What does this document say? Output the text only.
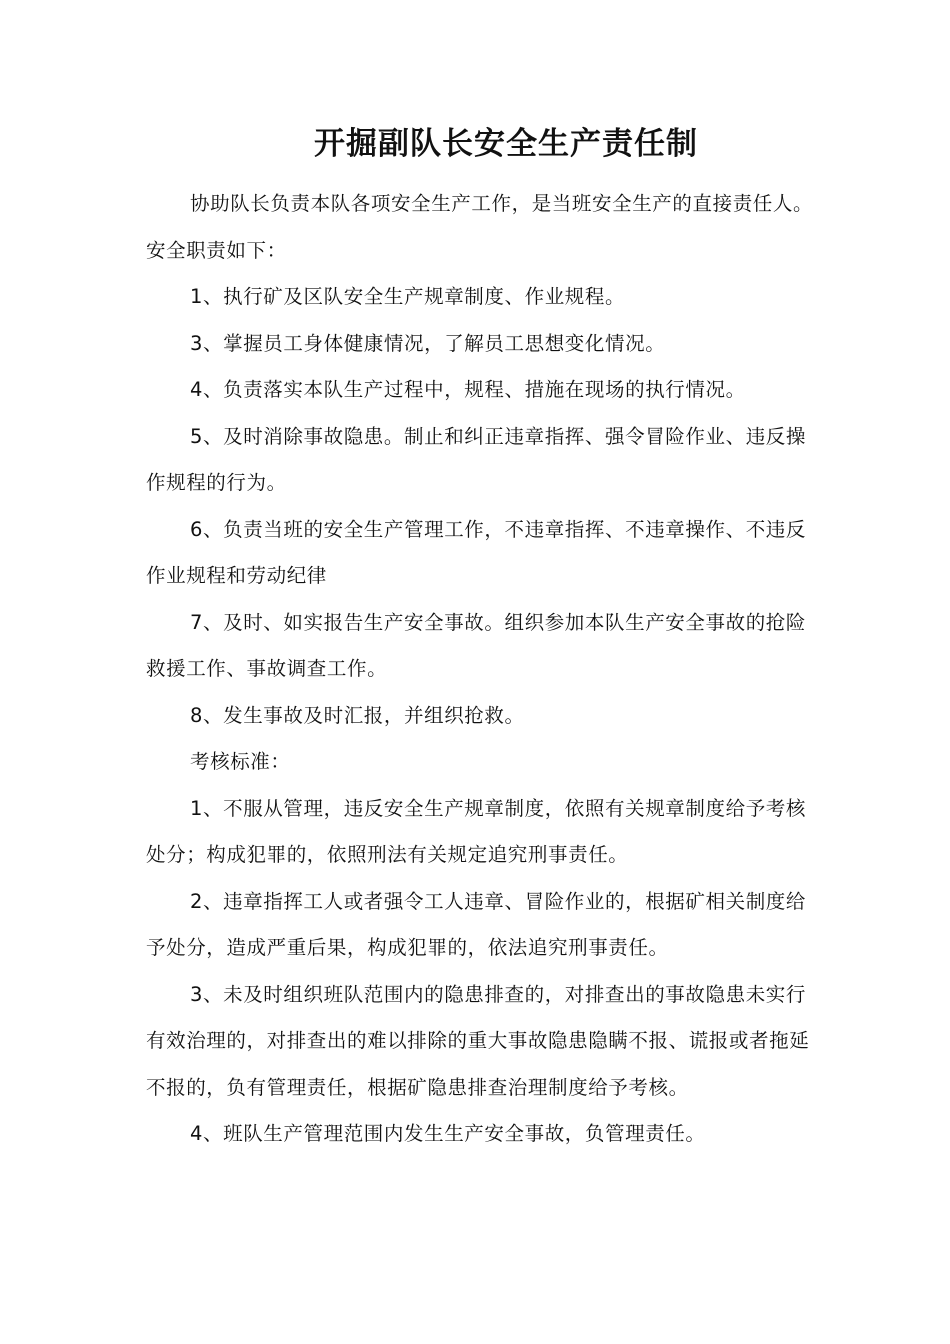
开掘副队长安全生产责任制

协助队长负责本队各项安全生产工作，是当班安全生产的直接责任人。安全职责如下：

1、执行矿及区队安全生产规章制度、作业规程。

3、掌握员工身体健康情况，了解员工思想变化情况。

4、负责落实本队生产过程中，规程、措施在现场的执行情况。

5、及时消除事故隐患。制止和纠正违章指挥、强令冒险作业、违反操作规程的行为。

6、负责当班的安全生产管理工作，不违章指挥、不违章操作、不违反作业规程和劳动纪律

7、及时、如实报告生产安全事故。组织参加本队生产安全事故的抢险救援工作、事故调查工作。

8、发生事故及时汇报，并组织抢救。

考核标准：

1、不服从管理，违反安全生产规章制度，依照有关规章制度给予考核处分；构成犯罪的，依照刑法有关规定追究刑事责任。

2、违章指挥工人或者强令工人违章、冒险作业的，根据矿相关制度给予处分，造成严重后果，构成犯罪的，依法追究刑事责任。

3、未及时组织班队范围内的隐患排查的，对排查出的事故隐患未实行有效治理的，对排查出的难以排除的重大事故隐患隐瞒不报、谎报或者拖延不报的，负有管理责任，根据矿隐患排查治理制度给予考核。

4、班队生产管理范围内发生生产安全事故，负管理责任。
